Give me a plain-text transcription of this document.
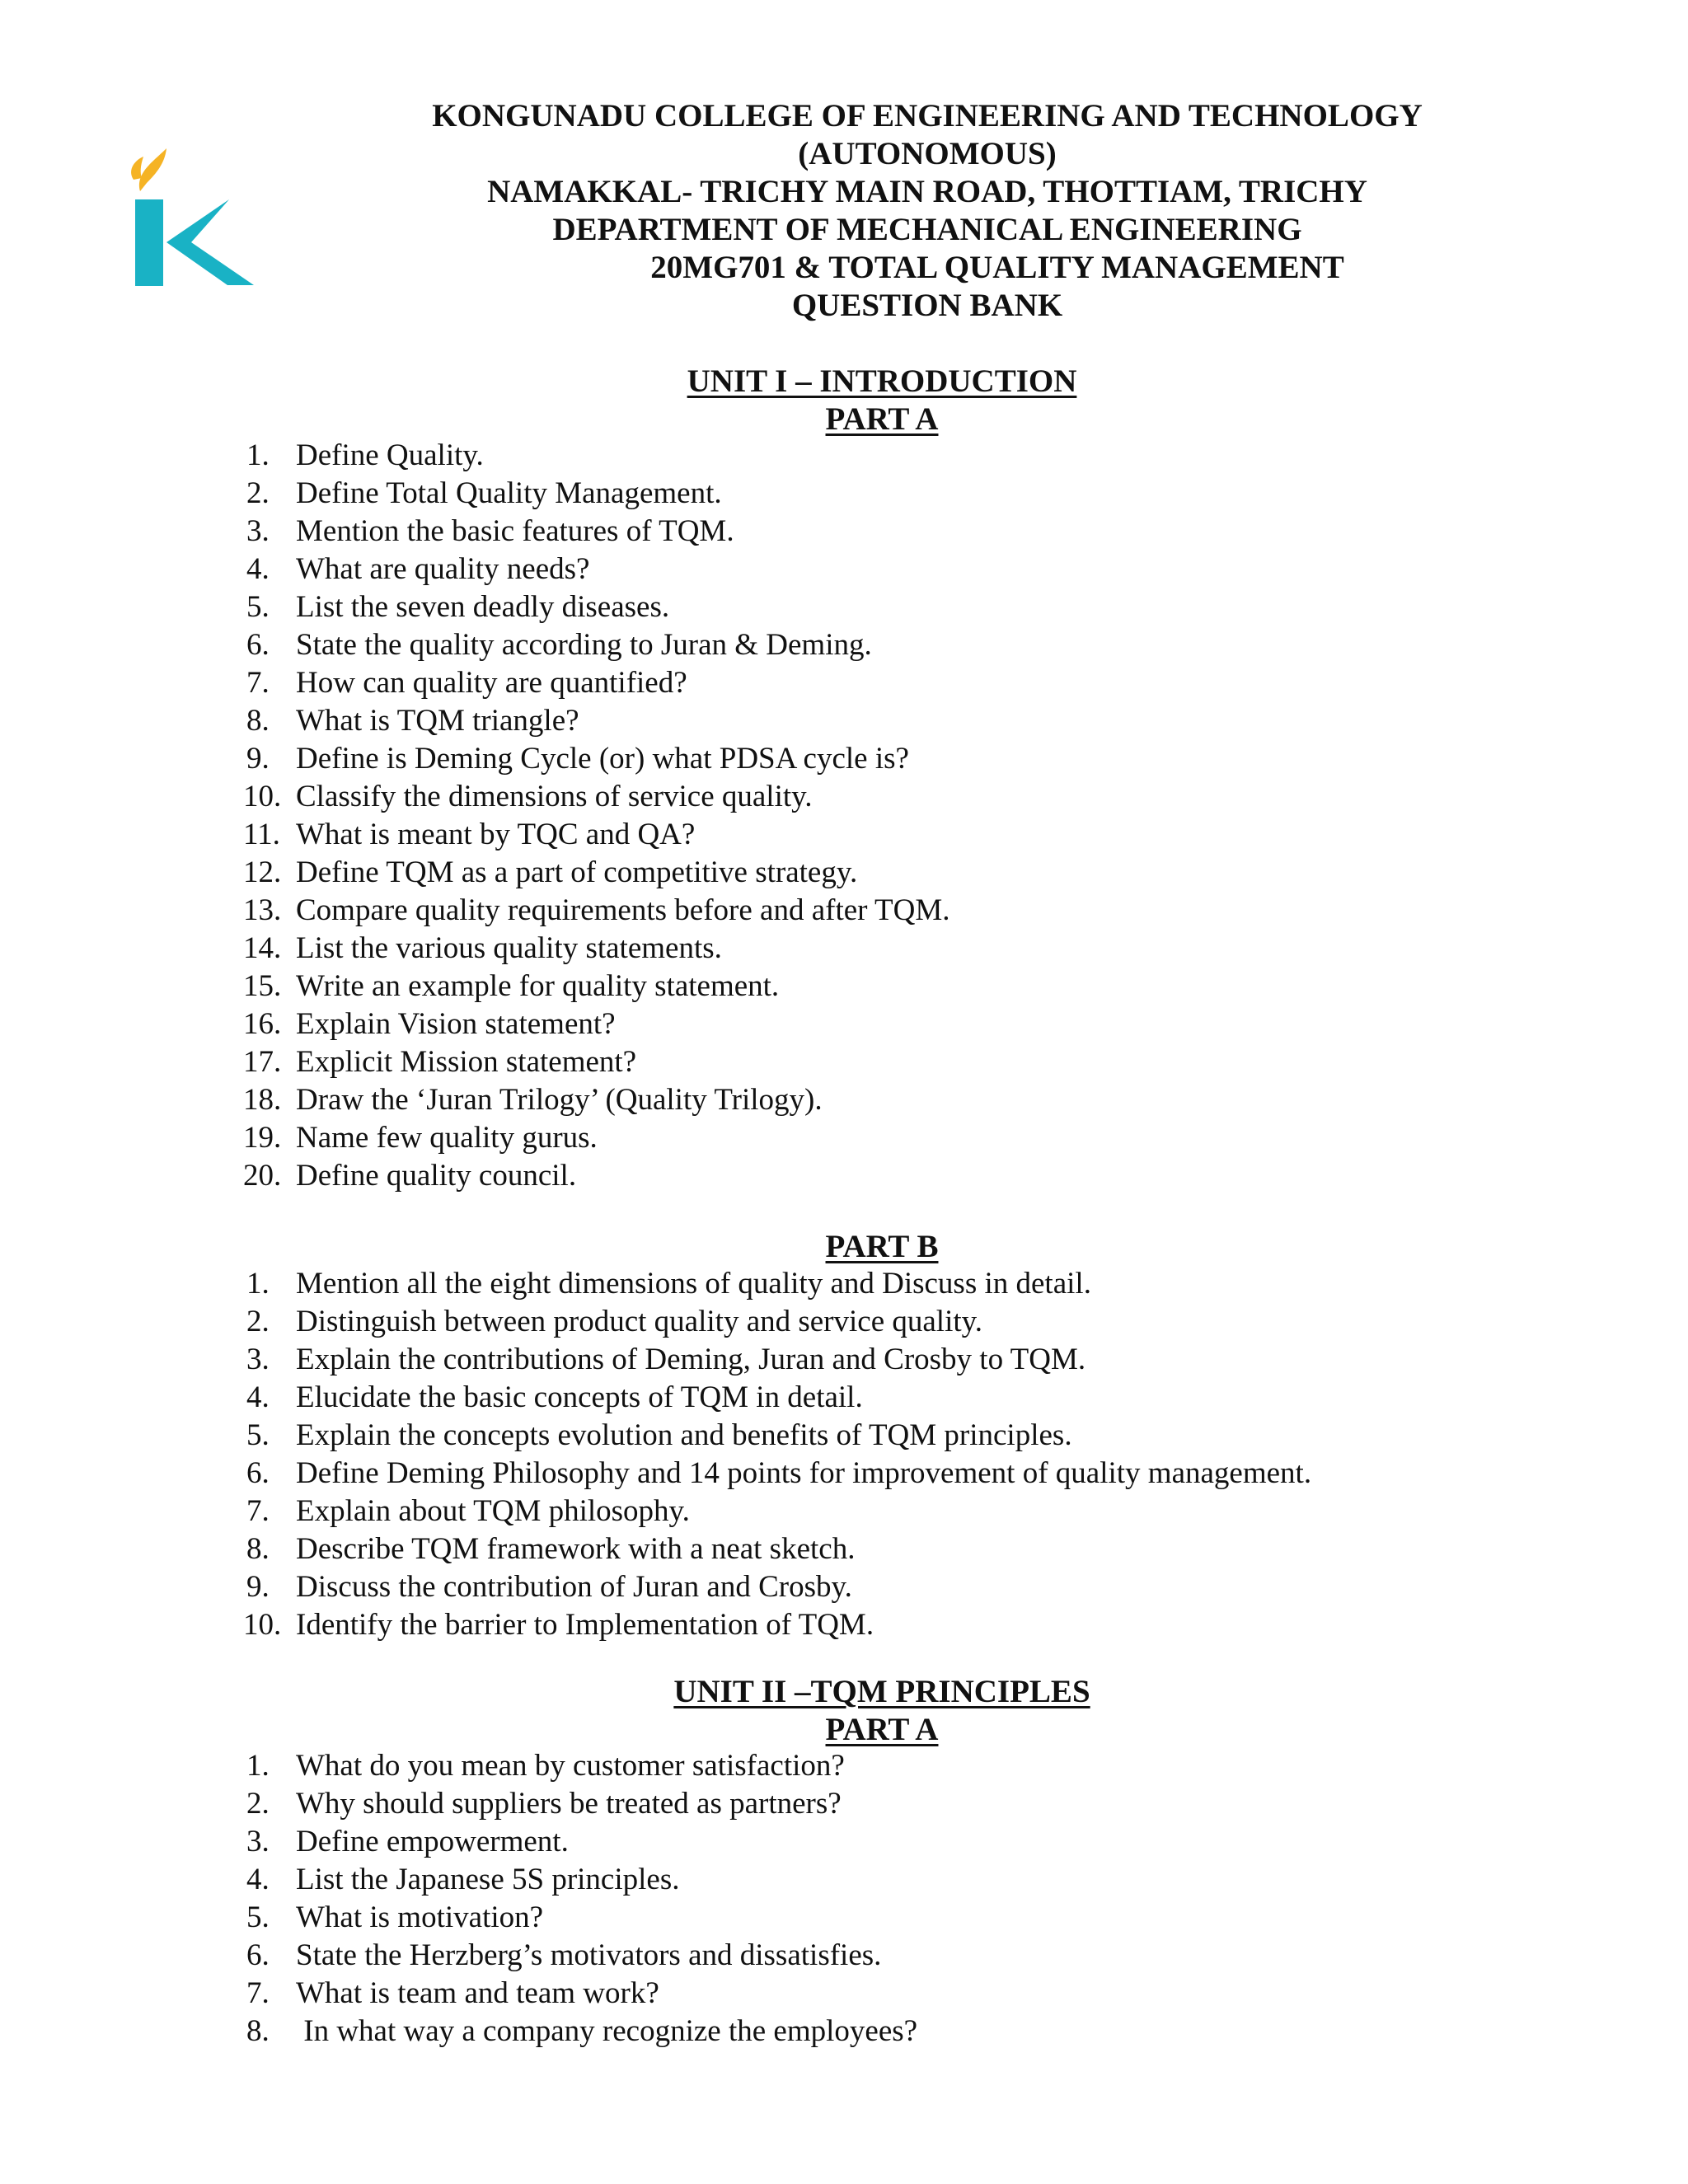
KONGUNADU COLLEGE OF ENGINEERING AND TECHNOLOGY
(AUTONOMOUS)
NAMAKKAL- TRICHY MAIN ROAD, THOTTIAM, TRICHY
DEPARTMENT OF MECHANICAL ENGINEERING
20MG701 & TOTAL QUALITY MANAGEMENT
QUESTION BANK
UNIT I – INTRODUCTION
PART A
1. Define Quality.
2. Define Total Quality Management.
3. Mention the basic features of TQM.
4. What are quality needs?
5. List the seven deadly diseases.
6. State the quality according to Juran & Deming.
7. How can quality are quantified?
8. What is TQM triangle?
9. Define is Deming Cycle (or) what PDSA cycle is?
10. Classify the dimensions of service quality.
11. What is meant by TQC and QA?
12. Define TQM as a part of competitive strategy.
13. Compare quality requirements before and after TQM.
14. List the various quality statements.
15. Write an example for quality statement.
16. Explain Vision statement?
17. Explicit Mission statement?
18. Draw the ‘Juran Trilogy’ (Quality Trilogy).
19. Name few quality gurus.
20. Define quality council.
PART B
1. Mention all the eight dimensions of quality and Discuss in detail.
2. Distinguish between product quality and service quality.
3. Explain the contributions of Deming, Juran and Crosby to TQM.
4. Elucidate the basic concepts of TQM in detail.
5. Explain the concepts evolution and benefits of TQM principles.
6. Define Deming Philosophy and 14 points for improvement of quality management.
7. Explain about TQM philosophy.
8. Describe TQM framework with a neat sketch.
9. Discuss the contribution of Juran and Crosby.
10. Identify the barrier to Implementation of TQM.
UNIT II –TQM PRINCIPLES
PART A
1. What do you mean by customer satisfaction?
2. Why should suppliers be treated as partners?
3. Define empowerment.
4. List the Japanese 5S principles.
5. What is motivation?
6. State the Herzberg’s motivators and dissatisfies.
7. What is team and team work?
8. In what way a company recognize the employees?
